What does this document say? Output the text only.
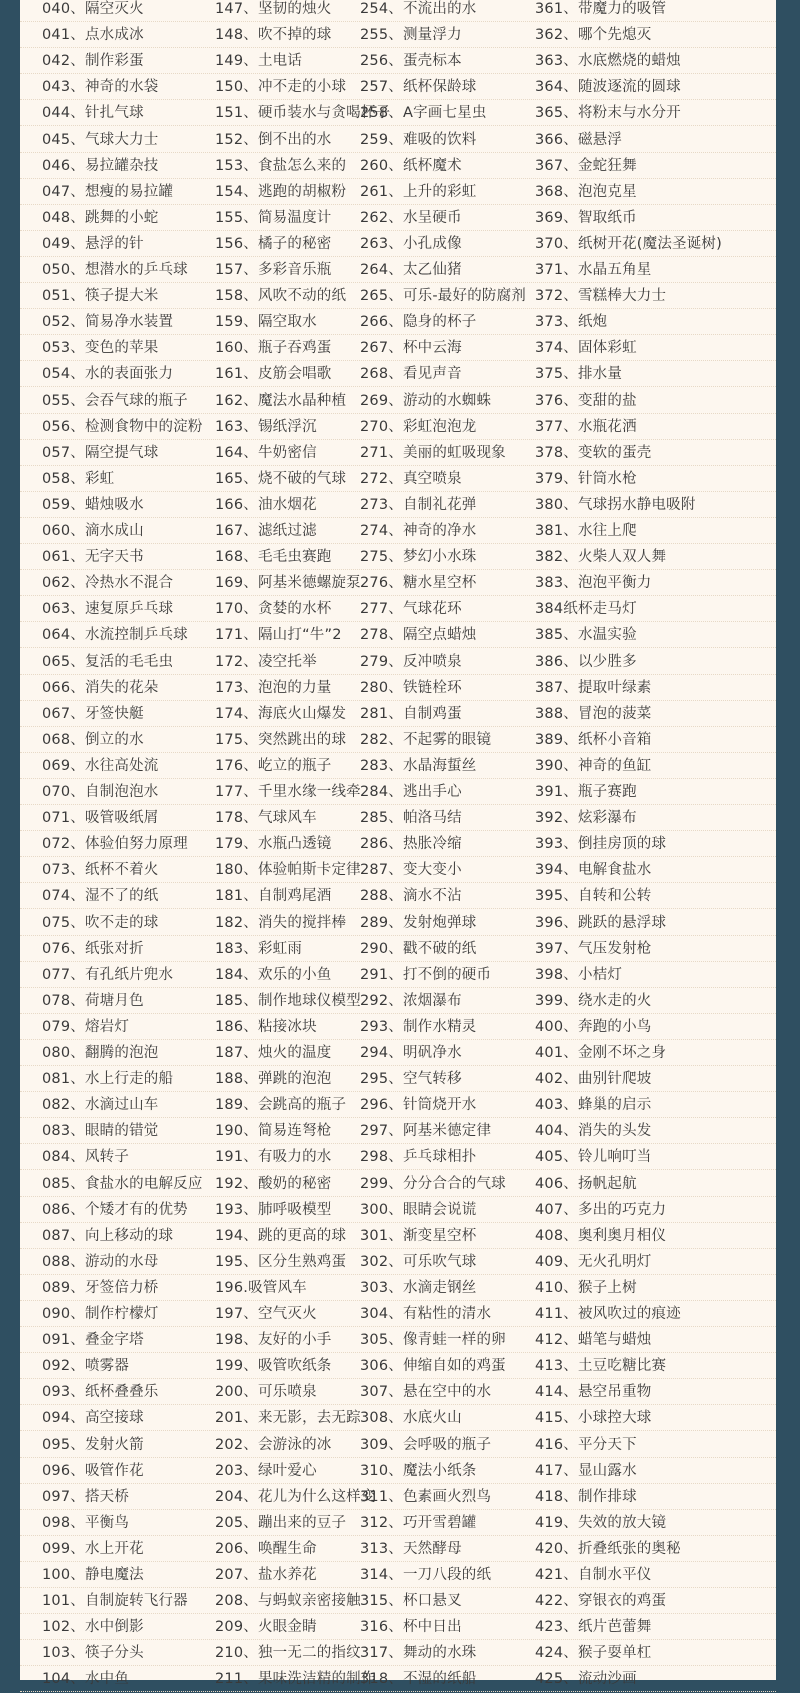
040、隔空灭火
041、点水成冰
042、制作彩蛋
043、神奇的水袋
044、针扎气球
045、气球大力士
046、易拉罐杂技
047、想瘦的易拉罐
048、跳舞的小蛇
049、悬浮的针
050、想潜水的乒乓球
051、筷子提大米
052、简易净水装置
053、变色的苹果
054、水的表面张力
055、会吞气球的瓶子
056、检测食物中的淀粉
057、隔空提气球
058、彩虹
059、蜡烛吸水
060、滴水成山
061、无字天书
062、冷热水不混合
063、速复原乒乓球
064、水流控制乒乓球
065、复活的毛毛虫
066、消失的花朵
067、牙签快艇
068、倒立的水
069、水往高处流
070、自制泡泡水
071、吸管吸纸屑
072、体验伯努力原理
073、纸杯不着火
074、湿不了的纸
075、吹不走的球
076、纸张对折
077、有孔纸片兜水
078、荷塘月色
079、熔岩灯
080、翻腾的泡泡
081、水上行走的船
082、水滴过山车
083、眼睛的错觉
084、风转子
085、食盐水的电解反应
086、个矮才有的优势
087、向上移动的球
088、游动的水母
089、牙签倍力桥
090、制作柠檬灯
091、叠金字塔
092、喷雾器
093、纸杯叠叠乐
094、高空接球
095、发射火箭
096、吸管作花
097、搭天桥
098、平衡鸟
099、水上开花
100、静电魔法
101、自制旋转飞行器
102、水中倒影
103、筷子分头
104、水中鱼
147、坚韧的烛火
148、吹不掉的球
149、土电话
150、冲不走的小球
151、硬币装水与贪喝杯子
152、倒不出的水
153、食盐怎么来的
154、逃跑的胡椒粉
155、简易温度计
156、橘子的秘密
157、多彩音乐瓶
158、风吹不动的纸
159、隔空取水
160、瓶子吞鸡蛋
161、皮筋会唱歌
162、魔法水晶种植
163、锡纸浮沉
164、牛奶密信
165、烧不破的气球
166、油水烟花
167、滤纸过滤
168、毛毛虫赛跑
169、阿基米德螺旋泵
170、贪婪的水杯
171、隔山打“牛”2
172、凌空托举
173、泡泡的力量
174、海底火山爆发
175、突然跳出的球
176、屹立的瓶子
177、千里水缘一线牵
178、气球风车
179、水瓶凸透镜
180、体验帕斯卡定律
181、自制鸡尾酒
182、消失的搅拌棒
183、彩虹雨
184、欢乐的小鱼
185、制作地球仪模型
186、粘接冰块
187、烛火的温度
188、弹跳的泡泡
189、会跳高的瓶子
190、简易连弩枪
191、有吸力的水
192、酸奶的秘密
193、肺呼吸模型
194、跳的更高的球
195、区分生熟鸡蛋
196.吸管风车
197、空气灭火
198、友好的小手
199、吸管吹纸条
200、可乐喷泉
201、来无影，去无踪
202、会游泳的冰
203、绿叶爱心
204、花儿为什么这样变
205、蹦出来的豆子
206、唤醒生命
207、盐水养花
208、与蚂蚁亲密接触
209、火眼金睛
210、独一无二的指纹
211、果味洗洁精的制作
254、不流出的水
255、测量浮力
256、蛋壳标本
257、纸杯保龄球
258、A字画七星虫
259、难吸的饮料
260、纸杯魔术
261、上升的彩虹
262、水呈硬币
263、小孔成像
264、太乙仙猪
265、可乐-最好的防腐剂
266、隐身的杯子
267、杯中云海
268、看见声音
269、游动的水蜘蛛
270、彩虹泡泡龙
271、美丽的虹吸现象
272、真空喷泉
273、自制礼花弹
274、神奇的净水
275、梦幻小水珠
276、糖水星空杯
277、气球花环
278、隔空点蜡烛
279、反冲喷泉
280、铁链栓环
281、自制鸡蛋
282、不起雾的眼镜
283、水晶海蜇丝
284、逃出手心
285、帕洛马结
286、热胀冷缩
287、变大变小
288、滴水不沾
289、发射炮弹球
290、戳不破的纸
291、打不倒的硬币
292、浓烟瀑布
293、制作水精灵
294、明矾净水
295、空气转移
296、针筒烧开水
297、阿基米德定律
298、乒乓球相扑
299、分分合合的气球
300、眼睛会说谎
301、渐变星空杯
302、可乐吹气球
303、水滴走钢丝
304、有粘性的清水
305、像青蛙一样的卵
306、伸缩自如的鸡蛋
307、悬在空中的水
308、水底火山
309、会呼吸的瓶子
310、魔法小纸条
311、色素画火烈鸟
312、巧开雪碧罐
313、天然酵母
314、一刀八段的纸
315、杯口悬叉
316、杯中日出
317、舞动的水珠
318、不湿的纸船
361、带魔力的吸管
362、哪个先熄灭
363、水底燃烧的蜡烛
364、随波逐流的圆球
365、将粉末与水分开
366、磁悬浮
367、金蛇狂舞
368、泡泡克星
369、智取纸币
370、纸树开花(魔法圣诞树)
371、水晶五角星
372、雪糕棒大力士
373、纸炮
374、固体彩虹
375、排水量
376、变甜的盐
377、水瓶花洒
378、变软的蛋壳
379、针筒水枪
380、气球拐水静电吸附
381、水往上爬
382、火柴人双人舞
383、泡泡平衡力
384纸杯走马灯
385、水温实验
386、以少胜多
387、提取叶绿素
388、冒泡的菠菜
389、纸杯小音箱
390、神奇的鱼缸
391、瓶子赛跑
392、炫彩瀑布
393、倒挂房顶的球
394、电解食盐水
395、自转和公转
396、跳跃的悬浮球
397、气压发射枪
398、小桔灯
399、绕水走的火
400、奔跑的小鸟
401、金刚不坏之身
402、曲别针爬坡
403、蜂巢的启示
404、消失的头发
405、铃儿响叮当
406、扬帆起航
407、多出的巧克力
408、奥利奥月相仪
409、无火孔明灯
410、猴子上树
411、被风吹过的痕迹
412、蜡笔与蜡烛
413、土豆吃糖比赛
414、悬空吊重物
415、小球控大球
416、平分天下
417、显山露水
418、制作排球
419、失效的放大镜
420、折叠纸张的奥秘
421、自制水平仪
422、穿银衣的鸡蛋
423、纸片芭蕾舞
424、猴子耍单杠
425、流动沙画
